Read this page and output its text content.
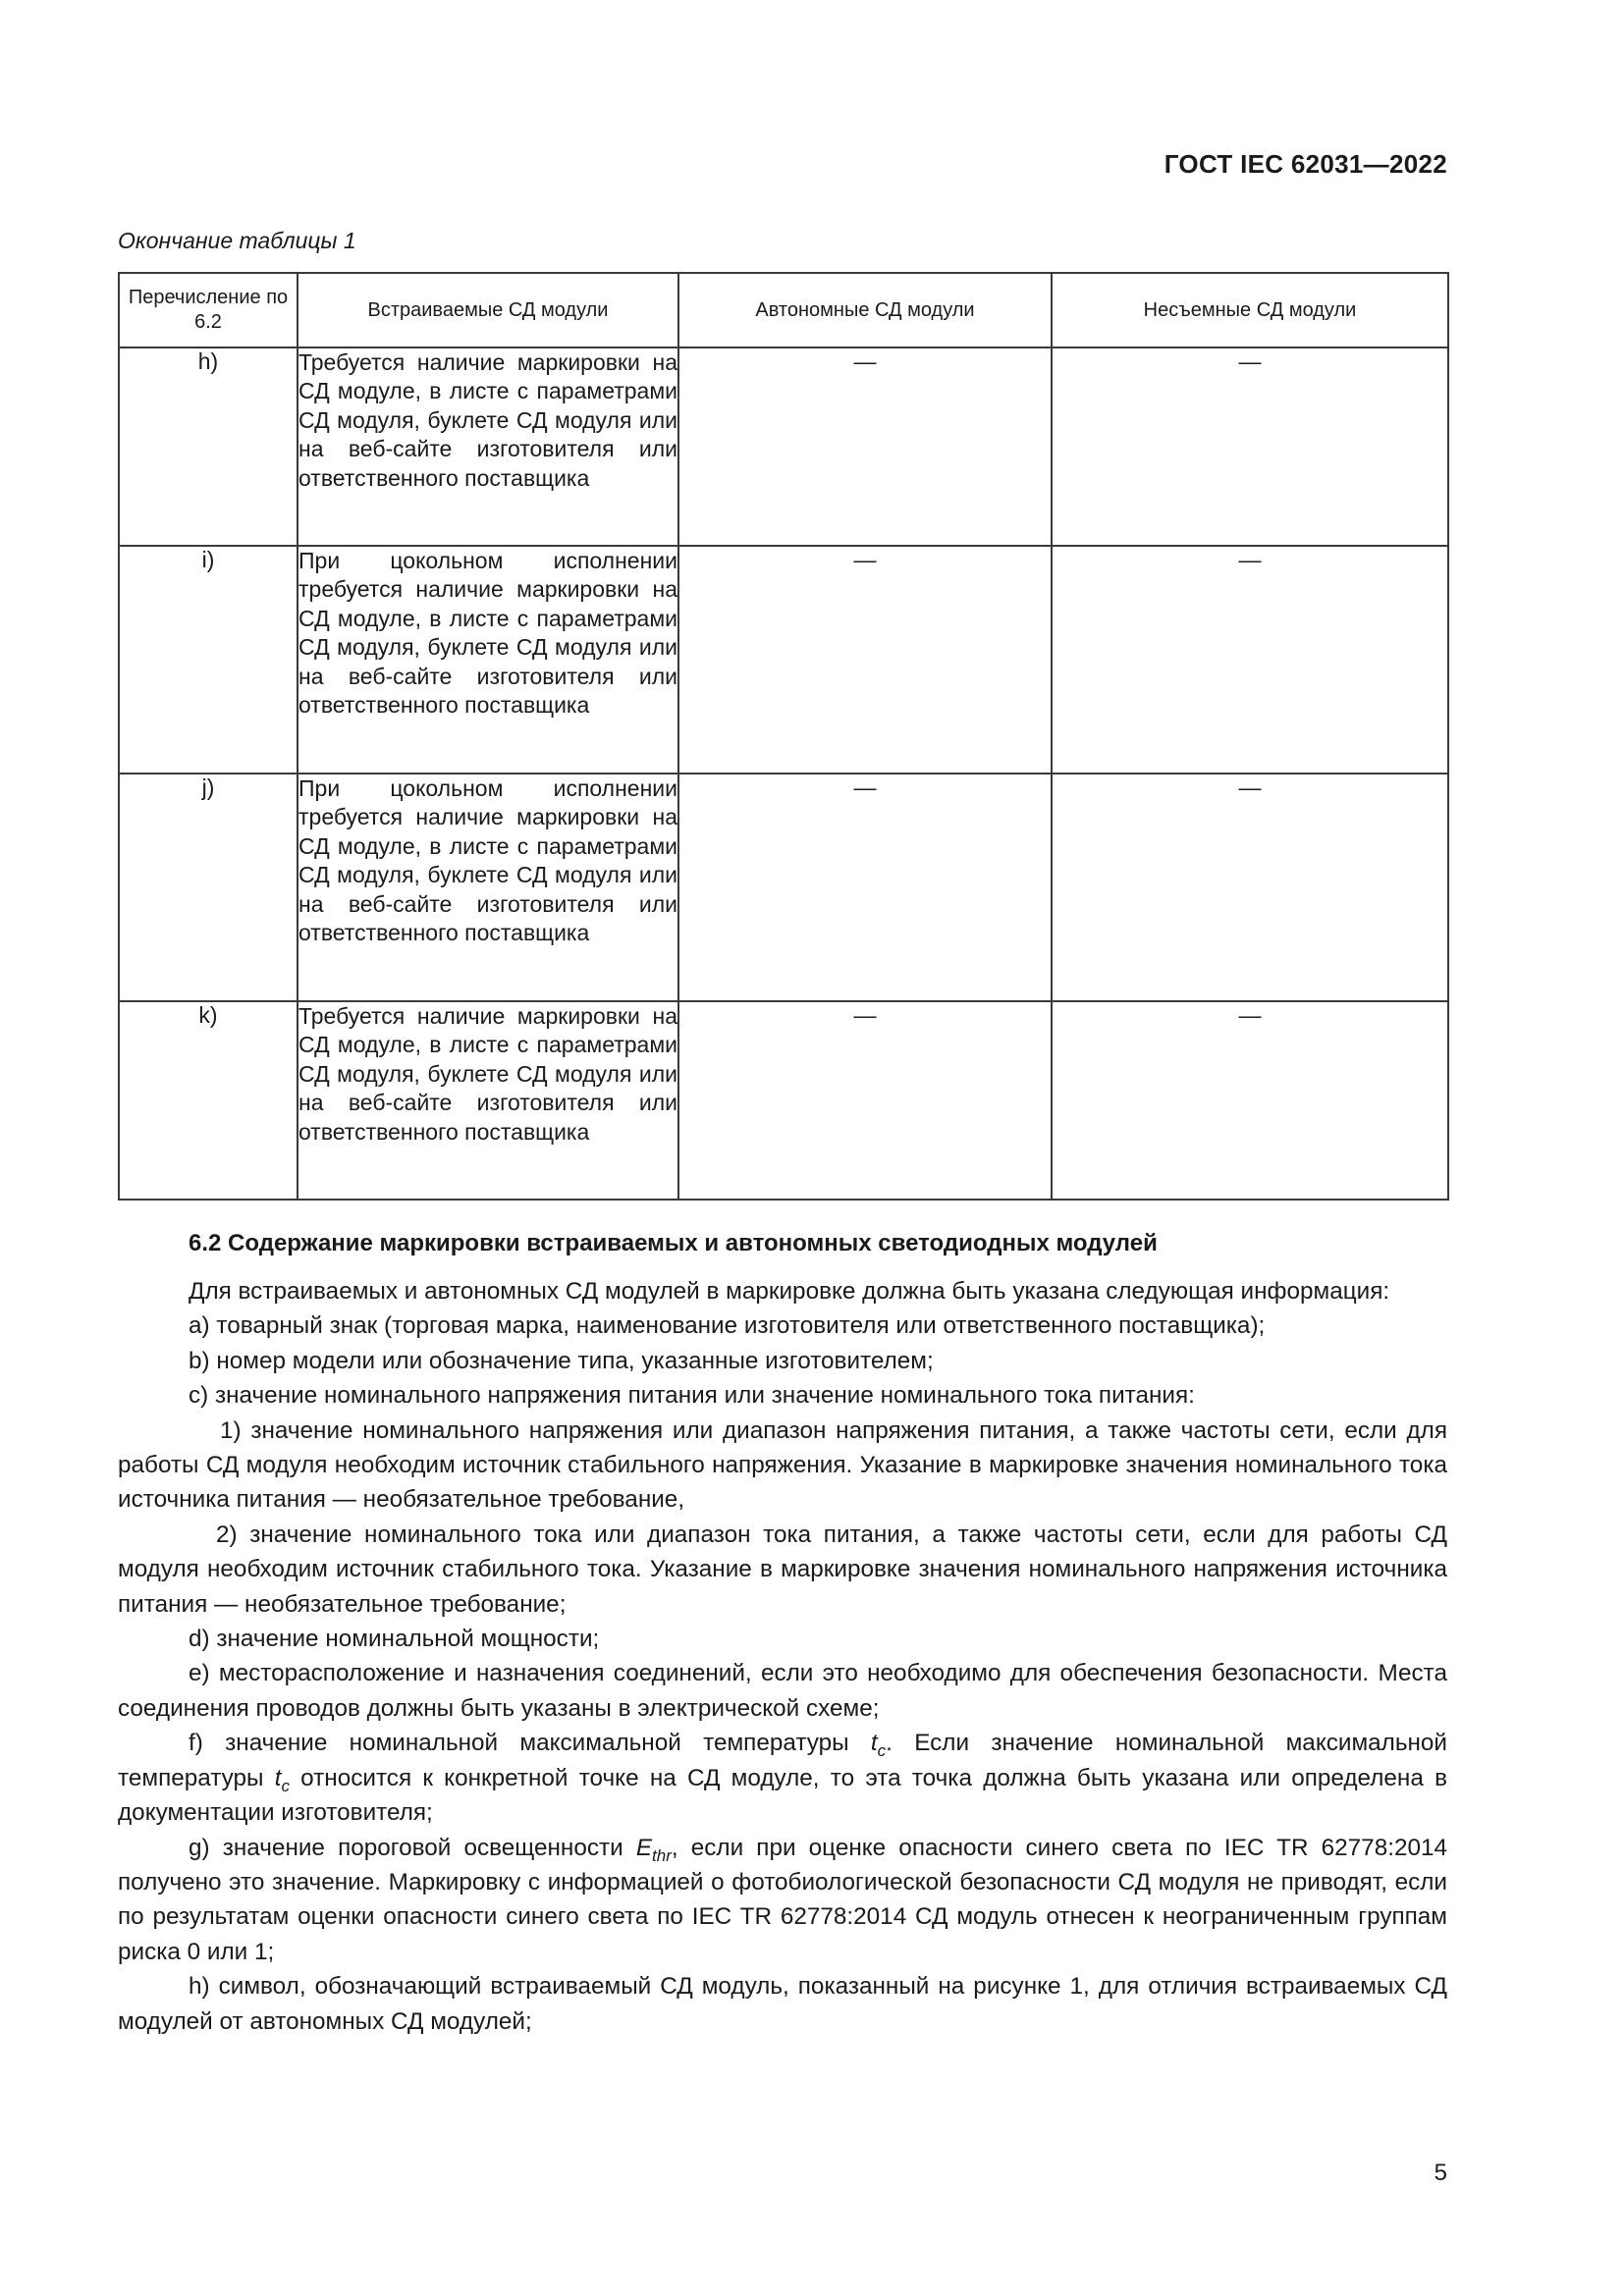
ГОСТ IEC 62031—2022
Окончание таблицы 1
Перечисление по 6.2	Встраиваемые СД модули	Автономные СД модули	Несъемные СД модули
h)	Требуется наличие маркировки на СД модуле, в листе с параметрами СД модуля, буклете СД модуля или на веб-сайте изготовителя или ответственного поставщика	—	—
i)	При цокольном исполнении требуется наличие маркировки на СД модуле, в листе с параметрами СД модуля, буклете СД модуля или на веб-сайте изготовителя или ответственного поставщика	—	—
j)	При цокольном исполнении требуется наличие маркировки на СД модуле, в листе с параметрами СД модуля, буклете СД модуля или на веб-сайте изготовителя или ответственного поставщика	—	—
k)	Требуется наличие маркировки на СД модуле, в листе с параметрами СД модуля, буклете СД модуля или на веб-сайте изготовителя или ответственного поставщика	—	—
6.2 Содержание маркировки встраиваемых и автономных светодиодных модулей

Для встраиваемых и автономных СД модулей в маркировке должна быть указана следующая информация:

а) товарный знак (торговая марка, наименование изготовителя или ответственного поставщика);

b) номер модели или обозначение типа, указанные изготовителем;

c) значение номинального напряжения питания или значение номинального тока питания:

1) значение номинального напряжения или диапазон напряжения питания, а также частоты сети, если для работы СД модуля необходим источник стабильного напряжения. Указание в маркировке значения номинального тока источника питания — необязательное требование,

2) значение номинального тока или диапазон тока питания, а также частоты сети, если для работы СД модуля необходим источник стабильного тока. Указание в маркировке значения номинального напряжения источника питания — необязательное требование;

d) значение номинальной мощности;

e) месторасположение и назначения соединений, если это необходимо для обеспечения безопасности. Места соединения проводов должны быть указаны в электрической схеме;

f) значение номинальной максимальной температуры $t_c$. Если значение номинальной максимальной температуры $t_c$ относится к конкретной точке на СД модуле, то эта точка должна быть указана или определена в документации изготовителя;

g) значение пороговой освещенности $E_{thr}$, если при оценке опасности синего света по IEC TR 62778:2014 получено это значение. Маркировку с информацией о фотобиологической безопасности СД модуля не приводят, если по результатам оценки опасности синего света по IEC TR 62778:2014 СД модуль отнесен к неограниченным группам риска 0 или 1;

h) символ, обозначающий встраиваемый СД модуль, показанный на рисунке 1, для отличия встраиваемых СД модулей от автономных СД модулей;

5
